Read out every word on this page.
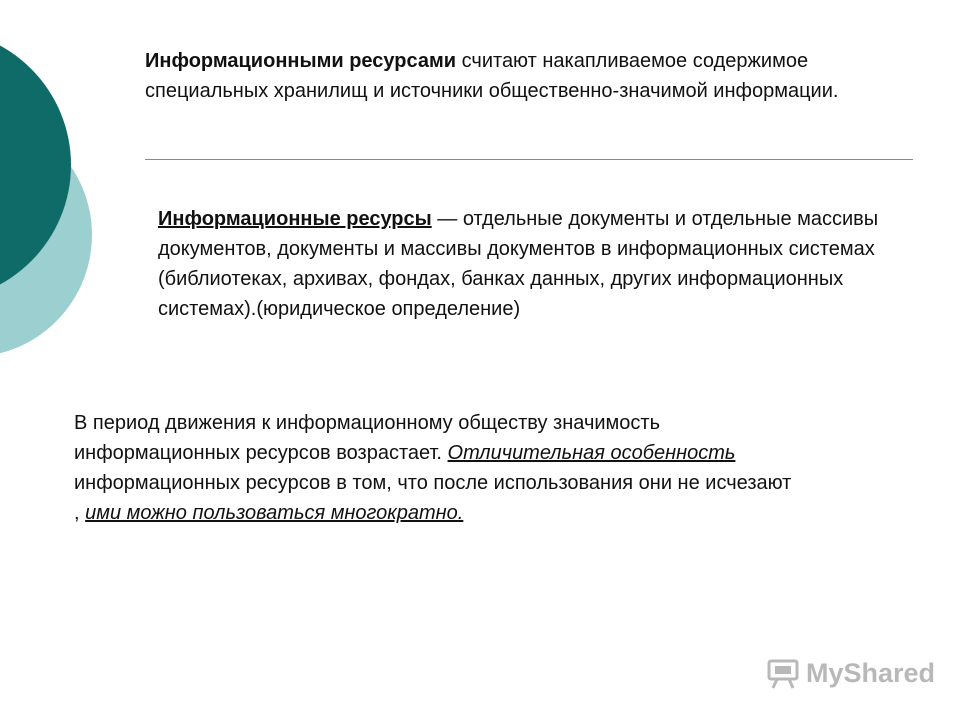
Информационными ресурсами считают накапливаемое содержимое специальных хранилищ и источники общественно-значимой информации.
Информационные ресурсы — отдельные документы и отдельные массивы документов, документы и массивы документов в информационных системах (библиотеках, архивах, фондах, банках данных, других информационных системах).(юридическое определение)
В период движения к информационному обществу значимость информационных ресурсов возрастает. Отличительная особенность информационных ресурсов в том, что после использования они не исчезают , ими можно пользоваться многократно.
MyShared
